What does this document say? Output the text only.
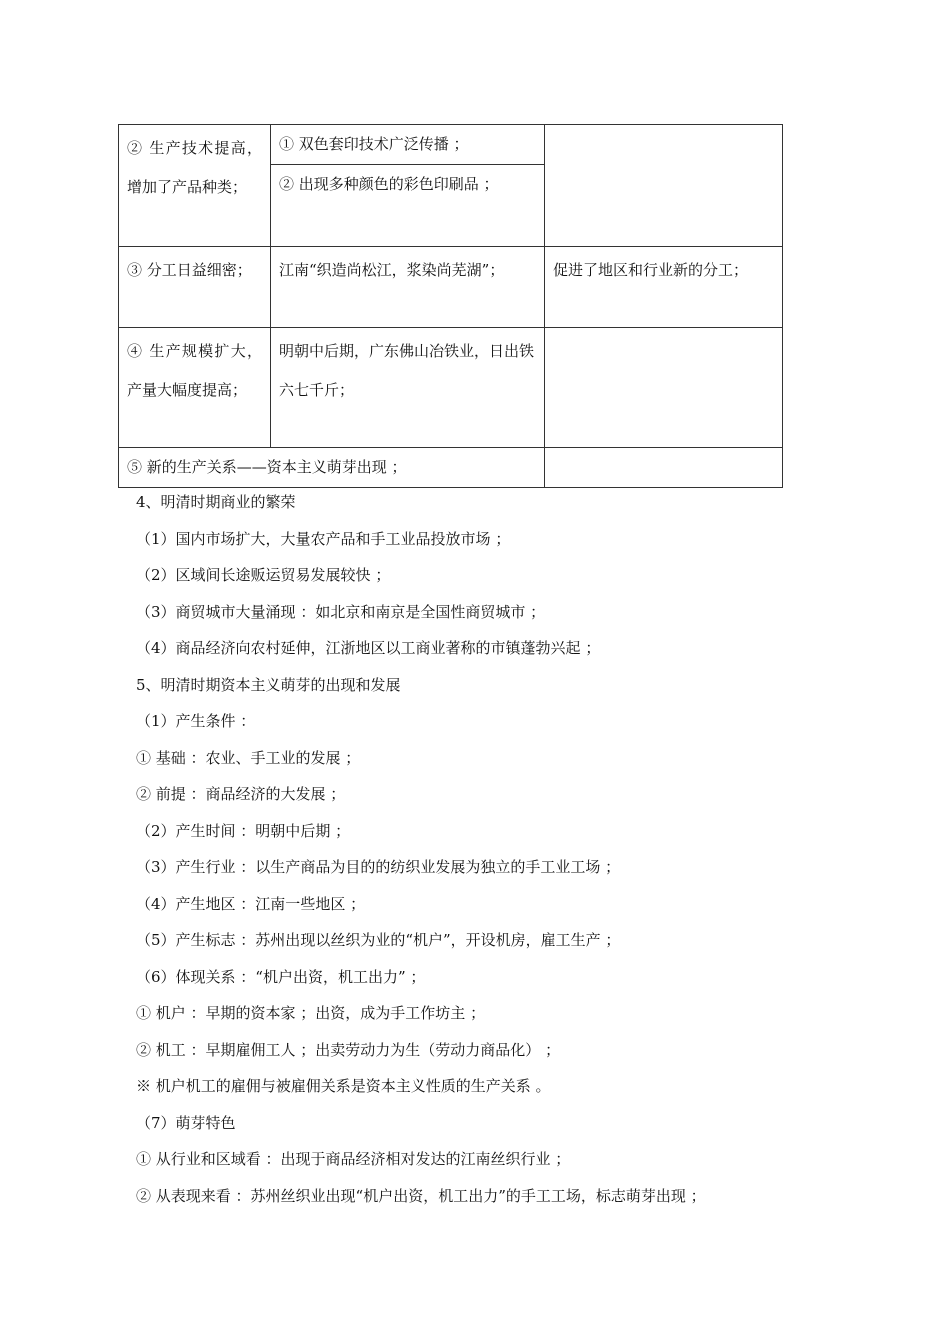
② 生产技术提高，增加了产品种类；	① 双色套印技术广泛传播 ；
② 出现多种颜色的彩色印刷品 ；	

③ 分工日益细密；	江南“织造尚松江，浆染尚芜湖”；	促进了地区和行业新的分工；
④ 生产规模扩大，产量大幅度提高；	明朝中后期，广东佛山冶铁业，日出铁六七千斤；	
⑤ 新的生产关系——资本主义萌芽出现 ；		
4、明清时期商业的繁荣
（1）国内市场扩大，大量农产品和手工业品投放市场 ；
（2）区域间长途贩运贸易发展较快 ；
（3）商贸城市大量涌现 ：如北京和南京是全国性商贸城市 ；
（4）商品经济向农村延伸，江浙地区以工商业著称的市镇蓬勃兴起 ；
5、明清时期资本主义萌芽的出现和发展
（1）产生条件 ：
① 基础 ：农业、手工业的发展 ；
② 前提 ：商品经济的大发展 ；
（2）产生时间 ：明朝中后期 ；
（3）产生行业 ：以生产商品为目的的纺织业发展为独立的手工业工场 ；
（4）产生地区 ：江南一些地区 ；
（5）产生标志 ：苏州出现以丝织为业的“机户”，开设机房，雇工生产 ；
（6）体现关系 ：“机户出资，机工出力” ；
① 机户 ：早期的资本家 ；出资，成为手工作坊主 ；
② 机工 ：早期雇佣工人 ；出卖劳动力为生（劳动力商品化） ；
※ 机户机工的雇佣与被雇佣关系是资本主义性质的生产关系 。
（7）萌芽特色
① 从行业和区域看 ：出现于商品经济相对发达的江南丝织行业 ；
② 从表现来看 ：苏州丝织业出现“机户出资，机工出力”的手工工场，标志萌芽出现 ；
